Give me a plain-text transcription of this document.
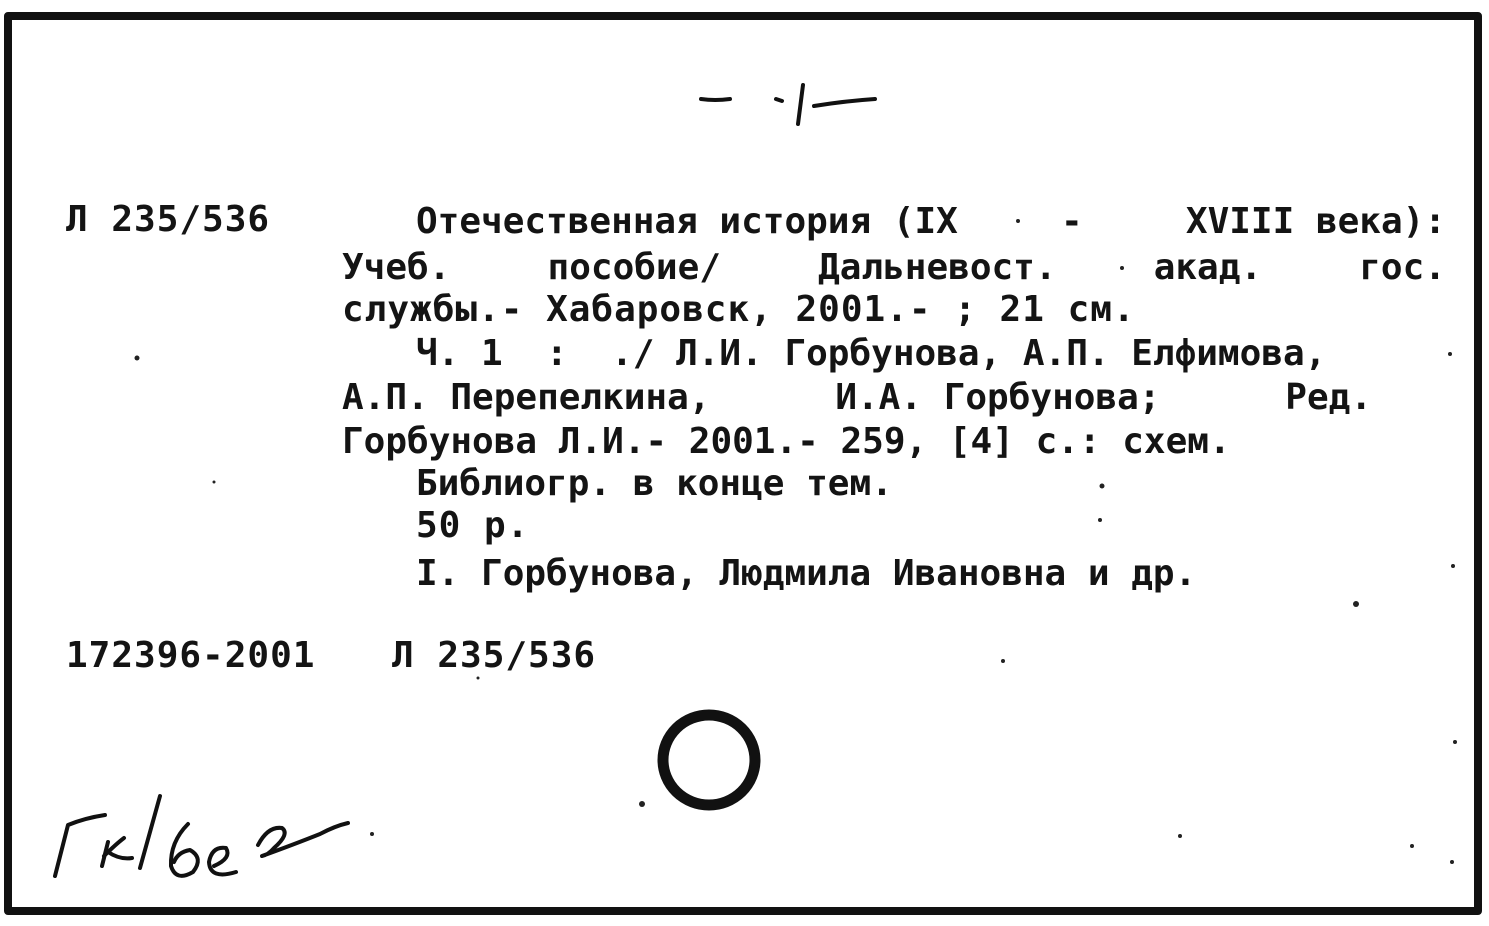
Л 235/536	Отечественная история (IX	-	XVIII века):
Учеб.	пособие/	Дальневост.	акад.	гос.
службы.- Хабаровск, 2001.- ; 21 см.
Ч. 1  :  ./ Л.И. Горбунова, А.П. Елфимова,
А.П. Перепелкина,	И.А. Горбунова;	Ред.
Горбунова Л.И.- 2001.- 259, [4] с.: схем.
Библиогр. в конце тем.
50 р.
I. Горбунова, Людмила Ивановна и др.
172396-2001 Л 235/536
